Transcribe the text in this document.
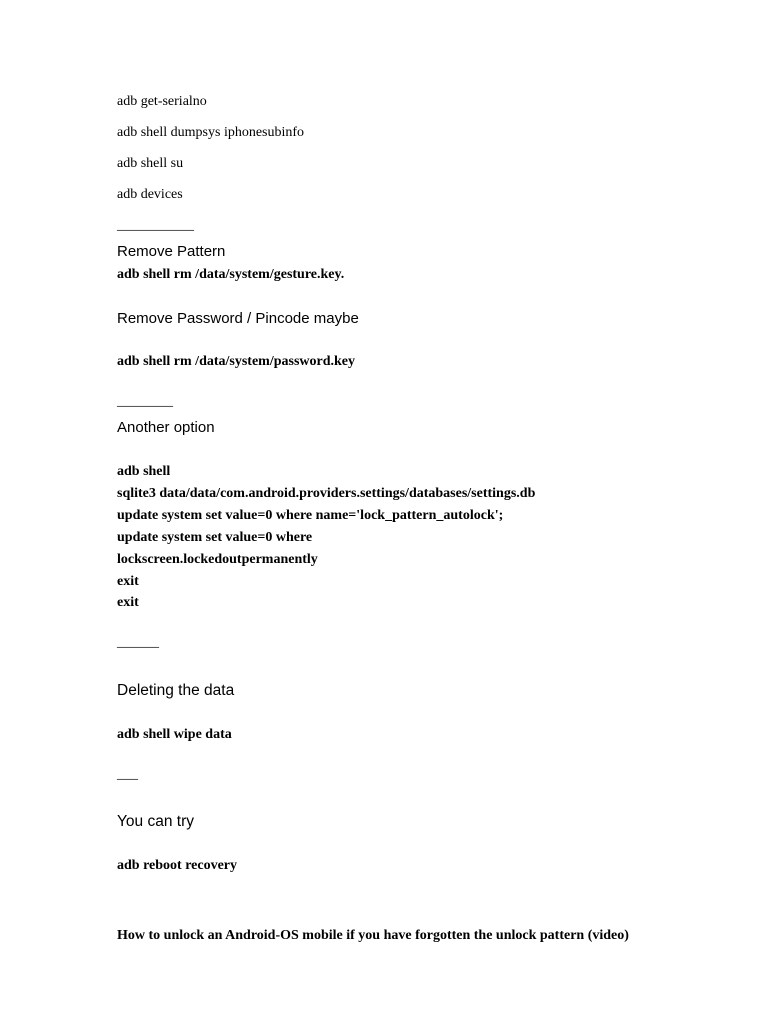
adb get-serialno
adb shell dumpsys iphonesubinfo
adb shell su
adb devices
___________
Remove Pattern
adb shell rm /data/system/gesture.key.
Remove Password / Pincode maybe
adb shell rm /data/system/password.key
________
Another option
adb shell
sqlite3 data/data/com.android.providers.settings/databases/settings.db
update system set value=0 where name='lock_pattern_autolock';
update system set value=0 where
lockscreen.lockedoutpermanently
exit
exit
______
Deleting the data
adb shell wipe data
___
You can try
adb reboot recovery
How to unlock an Android-OS mobile if you have forgotten the unlock pattern (video)
